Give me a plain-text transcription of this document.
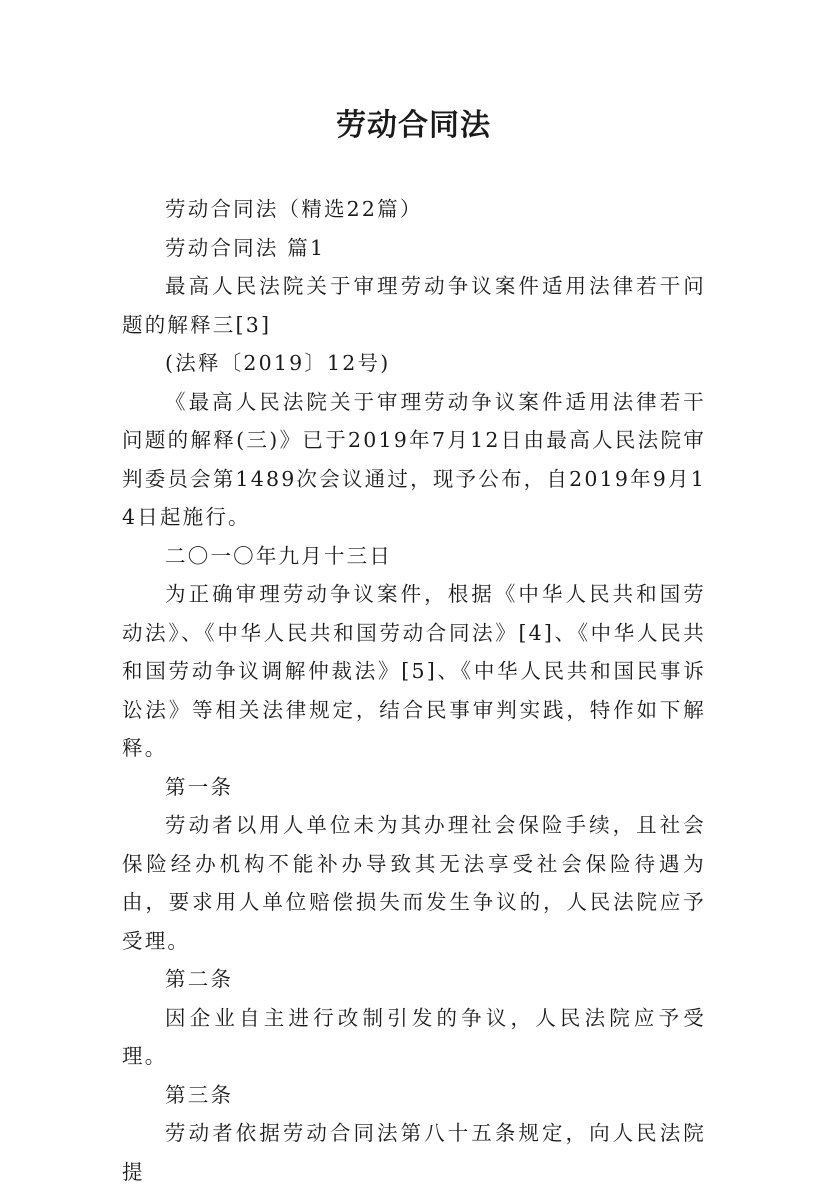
劳动合同法

劳动合同法（精选22篇）

劳动合同法 篇1

最高人民法院关于审理劳动争议案件适用法律若干问题的解释三[3]

(法释〔2019〕12号)

《最高人民法院关于审理劳动争议案件适用法律若干问题的解释(三)》已于2019年7月12日由最高人民法院审判委员会第1489次会议通过，现予公布，自2019年9月14日起施行。

二〇一〇年九月十三日

为正确审理劳动争议案件，根据《中华人民共和国劳动法》、《中华人民共和国劳动合同法》[4]、《中华人民共和国劳动争议调解仲裁法》[5]、《中华人民共和国民事诉讼法》等相关法律规定，结合民事审判实践，特作如下解释。

第一条

劳动者以用人单位未为其办理社会保险手续，且社会保险经办机构不能补办导致其无法享受社会保险待遇为由，要求用人单位赔偿损失而发生争议的，人民法院应予受理。

第二条

因企业自主进行改制引发的争议，人民法院应予受理。

第三条

劳动者依据劳动合同法第八十五条规定，向人民法院提
